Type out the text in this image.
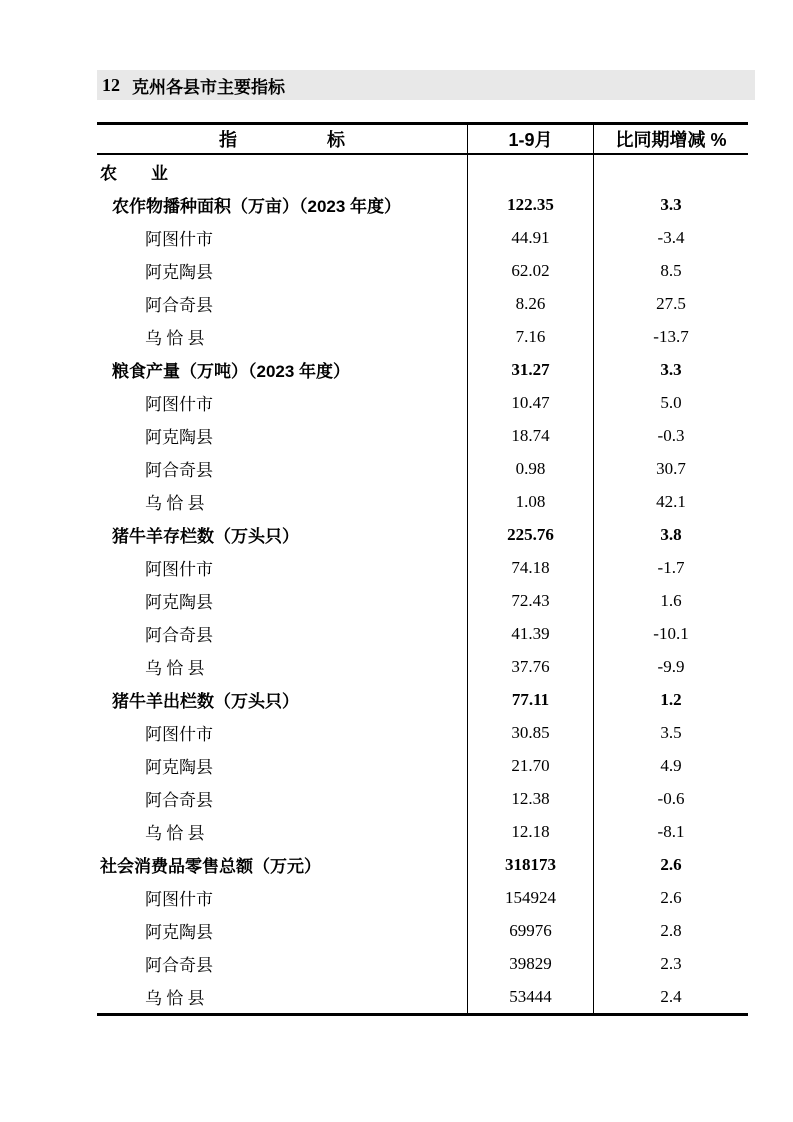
12 克州各县市主要指标
指　　　　　标	1-9月	比同期增减 %
农　　业
农作物播种面积（万亩）（2023 年度）	122.35	3.3
阿图什市	44.91	-3.4
阿克陶县	62.02	8.5
阿合奇县	8.26	27.5
乌 恰 县	7.16	-13.7
粮食产量（万吨）（2023 年度）	31.27	3.3
阿图什市	10.47	5.0
阿克陶县	18.74	-0.3
阿合奇县	0.98	30.7
乌 恰 县	1.08	42.1
猪牛羊存栏数（万头只）	225.76	3.8
阿图什市	74.18	-1.7
阿克陶县	72.43	1.6
阿合奇县	41.39	-10.1
乌 恰 县	37.76	-9.9
猪牛羊出栏数（万头只）	77.11	1.2
阿图什市	30.85	3.5
阿克陶县	21.70	4.9
阿合奇县	12.38	-0.6
乌 恰 县	12.18	-8.1
社会消费品零售总额（万元）	318173	2.6
阿图什市	154924	2.6
阿克陶县	69976	2.8
阿合奇县	39829	2.3
乌 恰 县	53444	2.4
